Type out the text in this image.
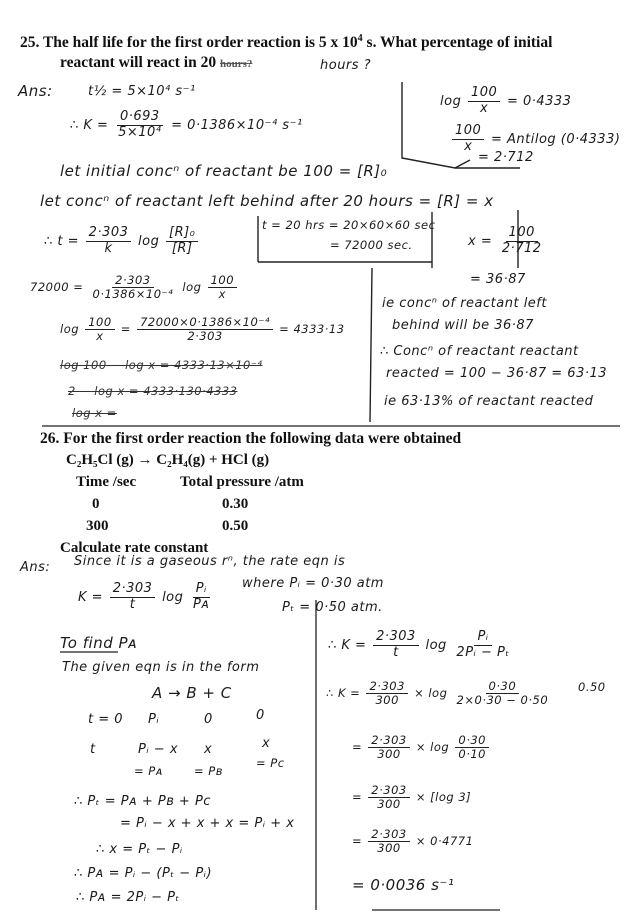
25. The half life for the first order reaction is 5 x $10^4$ s. What percentage of initial
reactant will react in 20 hours?	hours ?
Ans:	t½ = 5×10⁴ s⁻¹
∴ $K = \frac{0\cdot 693}{\text{5×10⁴}} = 0\cdot 1386\times 10^{-4}$ s⁻¹
$\log \frac{100}{x} = 0\cdot 4333$
$\frac{100}{x}$ = Antilog (0·4333)
= 2·712
let initial concⁿ of reactant be 100 = [R]₀
let concⁿ of reactant left behind after 20 hours = [R] = x
t = 20 hrs = 20×60×60 sec
= 72000 sec.
∴ $t = \frac{2\cdot 303}{k}$ $\log \frac{\text{[R]₀}}{[R]}$	$x = \frac{100}{2\cdot 712}$
= 36·87
$72000 = \frac{2\cdot 303}{\text{0·1386×10⁻⁴}}$ $\log \frac{100}{x}$
ie concⁿ of reactant left
behind will be 36·87
$\log \frac{100}{x} = \frac{\text{72000×0·1386×10⁻⁴}}{2\cdot 303} = 4333\cdot 13$
∴ Concⁿ of reactant reactant
reacted = 100 − 36·87 = 63·13
ie 63·13% of reactant reacted
log 100 − log x = 4333·13×10⁻⁴
2 − log x = 4333·130·4333
log x =
26. For the first order reaction the following data were obtained
C₂H₅Cl (g) → C₂H₄(g) + HCl (g)
Time /sec	Total pressure /atm
0	0.30
300	0.50
Calculate rate constant
Ans: Since it is a gaseous rⁿ, the rate eqn is
$K = \frac{2\cdot 303}{t}$ $\log \frac{\text{Pᵢ}}{\text{Pᴀ}}$ where Pᵢ = 0·30 atm
Pₜ = 0·50 atm.
To find Pᴀ
The given eqn is in the form
A → B + C
t = 0 Pᵢ	0	0
t	Pᵢ − x x	x
= Pᴀ	= Pʙ
= Pᴄ
∴ Pₜ = Pᴀ + Pʙ + Pᴄ
= Pᵢ − x + x + x = Pᵢ + x
∴ x = Pₜ − Pᵢ
∴ Pᴀ = Pᵢ − (Pₜ − Pᵢ)
∴ Pᴀ = 2Pᵢ − Pₜ
∴ $K = \frac{2\cdot 303}{t}$ $\log \frac{\text{Pᵢ}}{\text{2Pᵢ − Pₜ}}$
∴ $K = \frac{2\cdot 303}{300} \times \log \frac{0\cdot 30}{2\times 0\cdot 30 - 0\cdot 50} 0.50$
= $\frac{2\cdot 303}{300} \times \log \frac{0\cdot 30}{0\cdot 10}$
= $\frac{2\cdot 303}{300} \times [\log$ 3]
= $\frac{2\cdot 303}{300} \times 0\cdot 4771$
= 0·0036 s⁻¹
